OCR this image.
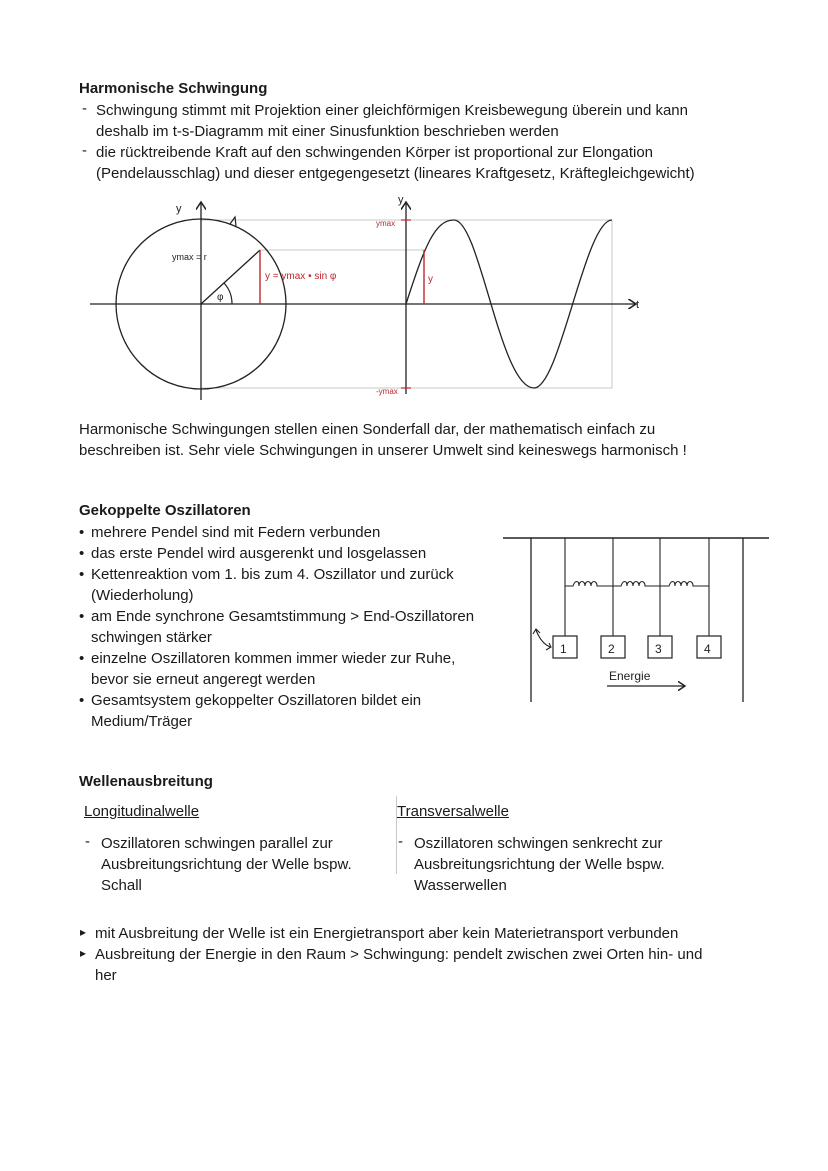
Harmonische Schwingung
- Schwingung stimmt mit Projektion einer gleichförmigen Kreisbewegung überein und kann
deshalb im t-s-Diagramm mit einer Sinusfunktion beschrieben werden
- die rücktreibende Kraft auf den schwingenden Körper ist proportional zur Elongation
(Pendelausschlag) und dieser entgegengesetzt (lineares Kraftgesetz, Kräftegleichgewicht)
y
ymax = r
φ
y = ymax • sin φ
y
ymax
y
-ymax
t
Harmonische Schwingungen stellen einen Sonderfall dar, der mathematisch einfach zu
beschreiben ist. Sehr viele Schwingungen in unserer Umwelt sind keineswegs harmonisch !
Gekoppelte Oszillatoren
• mehrere Pendel sind mit Federn verbunden
• das erste Pendel wird ausgerenkt und losgelassen
• Kettenreaktion vom 1. bis zum 4. Oszillator und zurück
(Wiederholung)
• am Ende synchrone Gesamtstimmung > End-Oszillatoren
schwingen stärker
• einzelne Oszillatoren kommen immer wieder zur Ruhe,
bevor sie erneut angeregt werden
• Gesamtsystem gekoppelter Oszillatoren bildet ein
Medium/Träger
1	2	3	4
Energie
Wellenausbreitung
Longitudinalwelle	Transversalwelle
- Oszillatoren schwingen parallel zur
Ausbreitungsrichtung der Welle bspw.
Schall
- Oszillatoren schwingen senkrecht zur
Ausbreitungsrichtung der Welle bspw.
Wasserwellen
▸ mit Ausbreitung der Welle ist ein Energietransport aber kein Materietransport verbunden
▸ Ausbreitung der Energie in den Raum > Schwingung: pendelt zwischen zwei Orten hin- und
her
